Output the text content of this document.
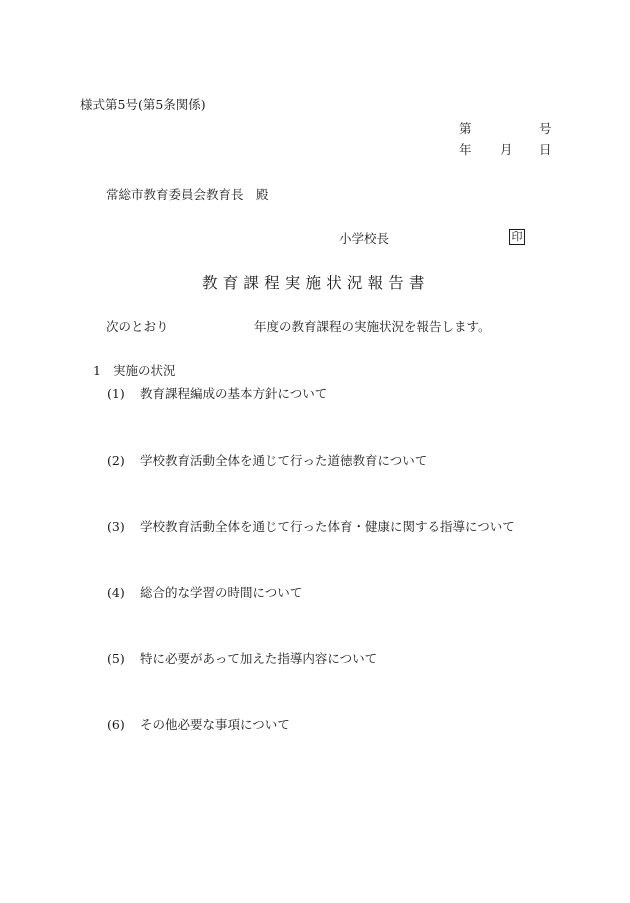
様式第5号(第5条関係)
第	号
年 月 日
常総市教育委員会教育長　殿
小学校長	印
教育課程実施状況報告書
次のとおり	年度の教育課程の実施状況を報告します。
1 実施の状況
(1) 教育課程編成の基本方針について
(2) 学校教育活動全体を通じて行った道徳教育について
(3) 学校教育活動全体を通じて行った体育・健康に関する指導について
(4) 総合的な学習の時間について
(5) 特に必要があって加えた指導内容について
(6) その他必要な事項について
